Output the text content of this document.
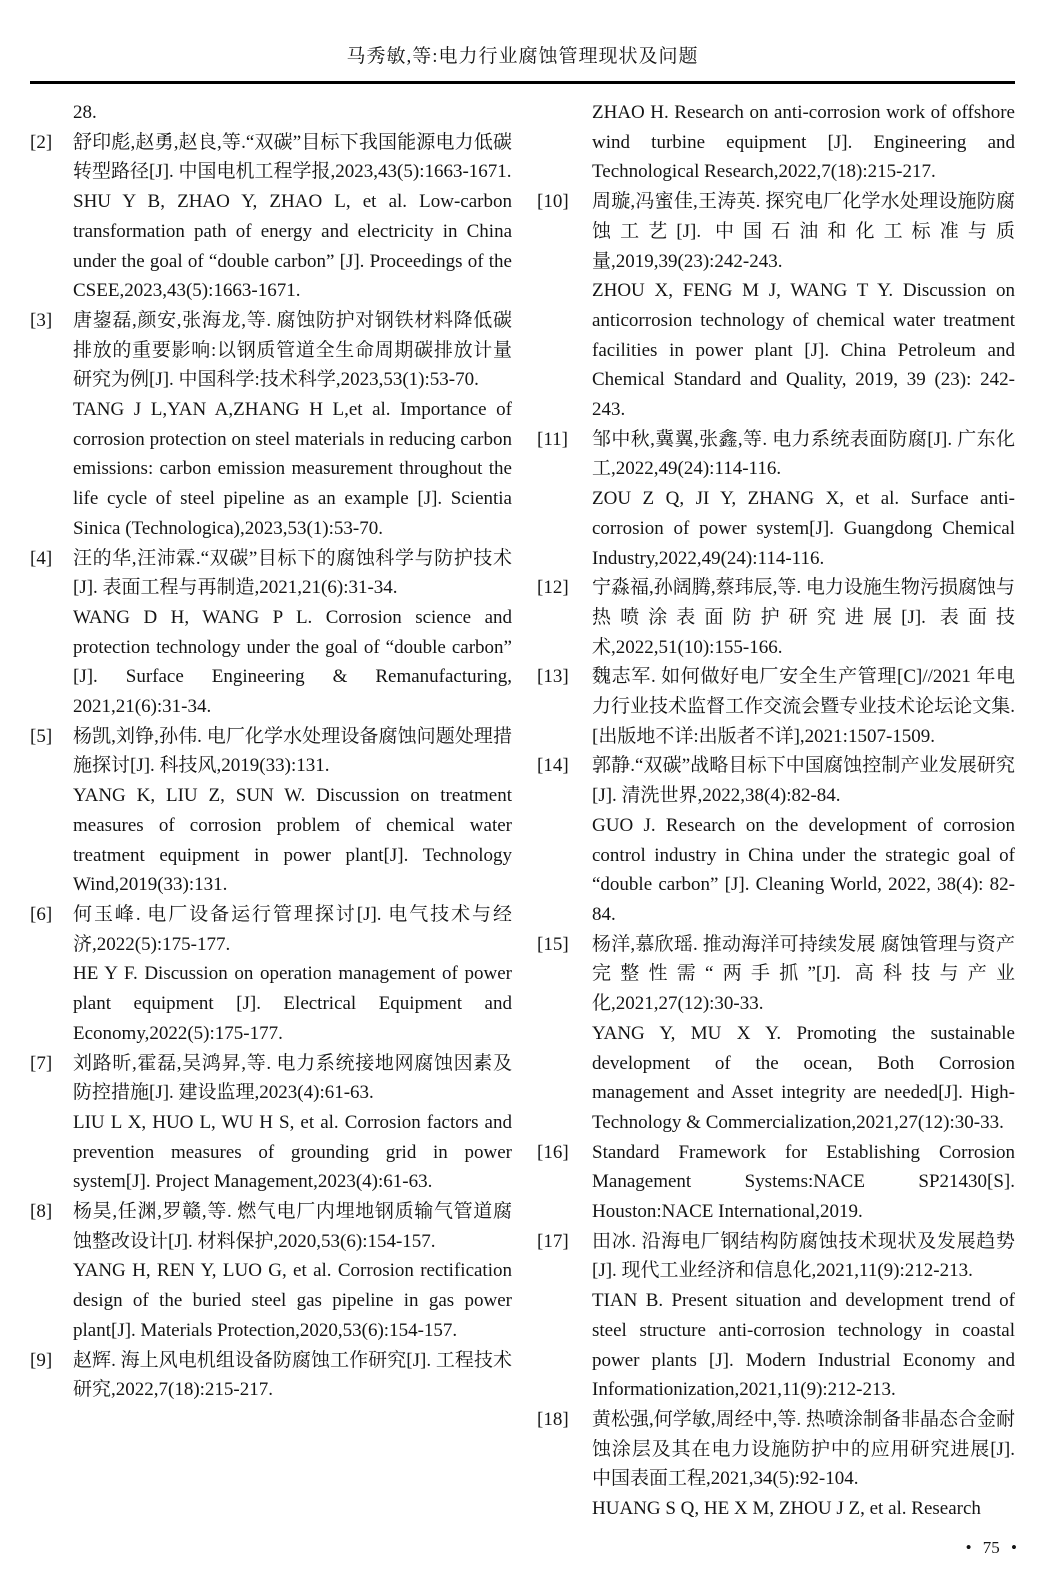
马秀敏,等:电力行业腐蚀管理现状及问题

28.

[2]	舒印彪,赵勇,赵良,等.“双碳”目标下我国能源电力低碳转型路径[J]. 中国电机工程学报,2023,43(5):1663-1671.

SHU Y B, ZHAO Y, ZHAO L, et al. Low-carbon transformation path of energy and electricity in China under the goal of “double carbon” [J]. Proceedings of the CSEE,2023,43(5):1663-1671.

[3]	唐鋆磊,颜安,张海龙,等. 腐蚀防护对钢铁材料降低碳排放的重要影响:以钢质管道全生命周期碳排放计量研究为例[J]. 中国科学:技术科学,2023,53(1):53-70.

TANG J L,YAN A,ZHANG H L,et al. Importance of corrosion protection on steel materials in reducing carbon emissions: carbon emission measurement throughout the life cycle of steel pipeline as an example [J]. Scientia Sinica (Technologica),2023,53(1):53-70.

[4]	汪的华,汪沛霖.“双碳”目标下的腐蚀科学与防护技术[J]. 表面工程与再制造,2021,21(6):31-34.

WANG D H, WANG P L. Corrosion science and protection technology under the goal of “double carbon” [J]. Surface Engineering & Remanufacturing, 2021,21(6):31-34.

[5]	杨凯,刘铮,孙伟. 电厂化学水处理设备腐蚀问题处理措施探讨[J]. 科技风,2019(33):131.

YANG K, LIU Z, SUN W. Discussion on treatment measures of corrosion problem of chemical water treatment equipment in power plant[J]. Technology Wind,2019(33):131.

[6]	何玉峰. 电厂设备运行管理探讨[J]. 电气技术与经济,2022(5):175-177.

HE Y F. Discussion on operation management of power plant equipment [J]. Electrical Equipment and Economy,2022(5):175-177.

[7]	刘路昕,霍磊,吴鸿昇,等. 电力系统接地网腐蚀因素及防控措施[J]. 建设监理,2023(4):61-63.

LIU L X, HUO L, WU H S, et al. Corrosion factors and prevention measures of grounding grid in power system[J]. Project Management,2023(4):61-63.

[8]	杨昊,任渊,罗赣,等. 燃气电厂内埋地钢质输气管道腐蚀整改设计[J]. 材料保护,2020,53(6):154-157.

YANG H, REN Y, LUO G, et al. Corrosion rectification design of the buried steel gas pipeline in gas power plant[J]. Materials Protection,2020,53(6):154-157.

[9]	赵辉. 海上风电机组设备防腐蚀工作研究[J]. 工程技术研究,2022,7(18):215-217.

ZHAO H. Research on anti-corrosion work of offshore wind turbine equipment [J]. Engineering and Technological Research,2022,7(18):215-217.

[10]	周璇,冯蜜佳,王涛英. 探究电厂化学水处理设施防腐蚀工艺[J]. 中国石油和化工标准与质量,2019,39(23):242-243.

ZHOU X, FENG M J, WANG T Y. Discussion on anticorrosion technology of chemical water treatment facilities in power plant [J]. China Petroleum and Chemical Standard and Quality, 2019, 39 (23): 242-243.

[11]	邹中秋,冀翼,张鑫,等. 电力系统表面防腐[J]. 广东化工,2022,49(24):114-116.

ZOU Z Q, JI Y, ZHANG X, et al. Surface anti-corrosion of power system[J]. Guangdong Chemical Industry,2022,49(24):114-116.

[12]	宁淼福,孙阔腾,蔡玮辰,等. 电力设施生物污损腐蚀与热喷涂表面防护研究进展[J]. 表面技术,2022,51(10):155-166.

[13]	魏志军. 如何做好电厂安全生产管理[C]//2021 年电力行业技术监督工作交流会暨专业技术论坛论文集.[出版地不详:出版者不详],2021:1507-1509.

[14]	郭静.“双碳”战略目标下中国腐蚀控制产业发展研究[J]. 清洗世界,2022,38(4):82-84.

GUO J. Research on the development of corrosion control industry in China under the strategic goal of “double carbon” [J]. Cleaning World, 2022, 38(4): 82-84.

[15]	杨洋,慕欣瑶. 推动海洋可持续发展 腐蚀管理与资产完整性需“两手抓”[J]. 高科技与产业化,2021,27(12):30-33.

YANG Y, MU X Y. Promoting the sustainable development of the ocean, Both Corrosion management and Asset integrity are needed[J]. High-Technology & Commercialization,2021,27(12):30-33.

[16]	Standard Framework for Establishing Corrosion Management Systems:NACE SP21430[S]. Houston:NACE International,2019.

[17]	田冰. 沿海电厂钢结构防腐蚀技术现状及发展趋势[J]. 现代工业经济和信息化,2021,11(9):212-213.

TIAN B. Present situation and development trend of steel structure anti-corrosion technology in coastal power plants [J]. Modern Industrial Economy and Informationization,2021,11(9):212-213.

[18]	黄松强,何学敏,周经中,等. 热喷涂制备非晶态合金耐蚀涂层及其在电力设施防护中的应用研究进展[J]. 中国表面工程,2021,34(5):92-104.

HUANG S Q, HE X M, ZHOU J Z, et al. Research

• 75 •
